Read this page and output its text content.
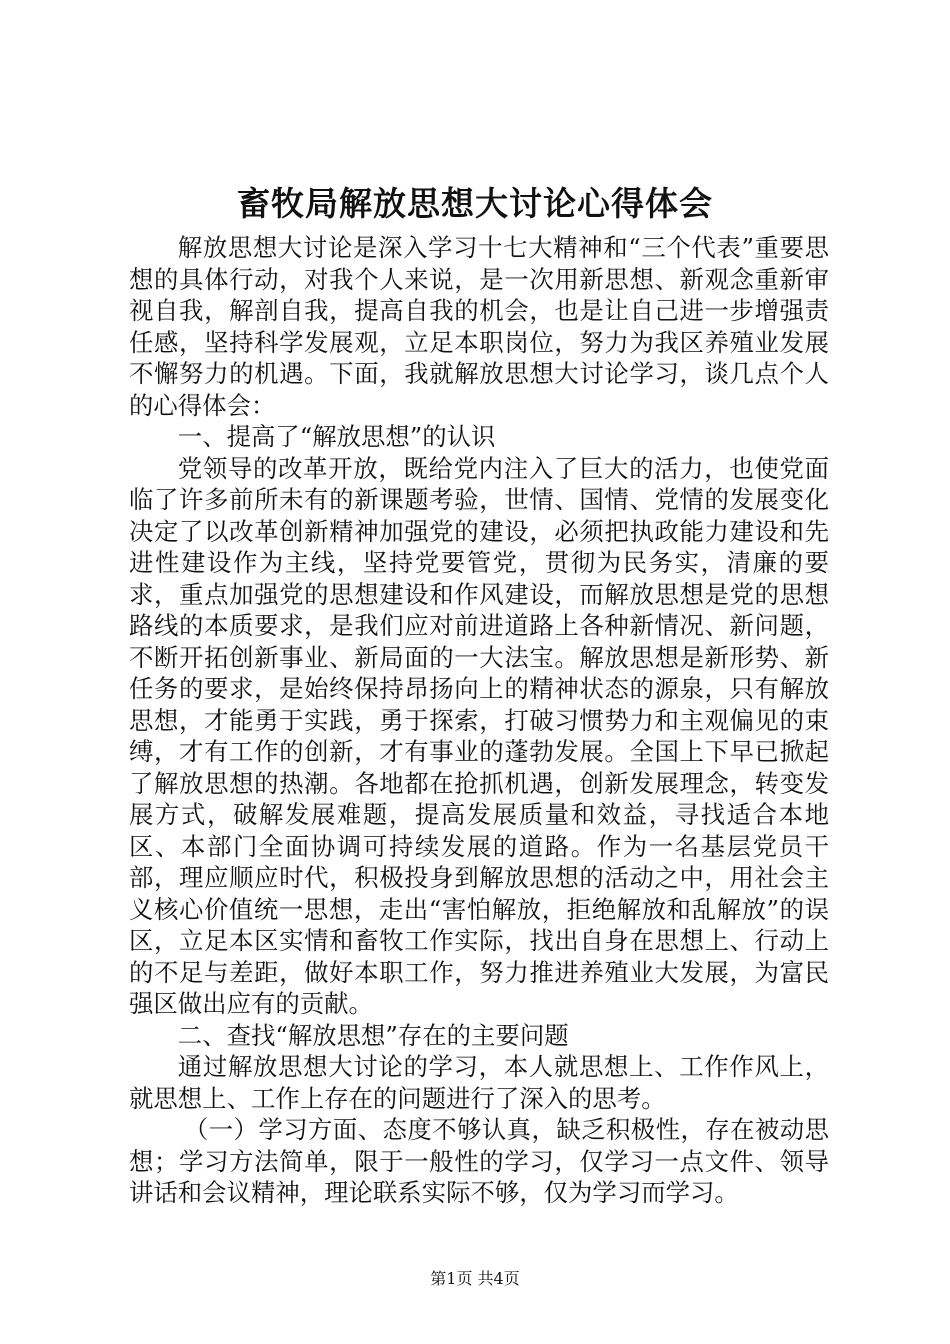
畜牧局解放思想大讨论心得体会

解放思想大讨论是深入学习十七大精神和“三个代表”重要思想的具体行动，对我个人来说，是一次用新思想、新观念重新审视自我，解剖自我，提高自我的机会，也是让自己进一步增强责任感，坚持科学发展观，立足本职岗位，努力为我区养殖业发展不懈努力的机遇。下面，我就解放思想大讨论学习，谈几点个人的心得体会：

一、提高了“解放思想”的认识

党领导的改革开放，既给党内注入了巨大的活力，也使党面临了许多前所未有的新课题考验，世情、国情、党情的发展变化决定了以改革创新精神加强党的建设，必须把执政能力建设和先进性建设作为主线，坚持党要管党，贯彻为民务实，清廉的要求，重点加强党的思想建设和作风建设，而解放思想是党的思想路线的本质要求，是我们应对前进道路上各种新情况、新问题，不断开拓创新事业、新局面的一大法宝。解放思想是新形势、新任务的要求，是始终保持昂扬向上的精神状态的源泉，只有解放思想，才能勇于实践，勇于探索，打破习惯势力和主观偏见的束缚，才有工作的创新，才有事业的蓬勃发展。全国上下早已掀起了解放思想的热潮。各地都在抢抓机遇，创新发展理念，转变发展方式，破解发展难题，提高发展质量和效益，寻找适合本地区、本部门全面协调可持续发展的道路。作为一名基层党员干部，理应顺应时代，积极投身到解放思想的活动之中，用社会主义核心价值统一思想，走出“害怕解放，拒绝解放和乱解放”的误区，立足本区实情和畜牧工作实际，找出自身在思想上、行动上的不足与差距，做好本职工作，努力推进养殖业大发展，为富民强区做出应有的贡献。

二、查找“解放思想”存在的主要问题

通过解放思想大讨论的学习，本人就思想上、工作作风上，就思想上、工作上存在的问题进行了深入的思考。

（一）学习方面、态度不够认真，缺乏积极性，存在被动思想；学习方法简单，限于一般性的学习，仅学习一点文件、领导讲话和会议精神，理论联系实际不够，仅为学习而学习。

第1页 共4页
